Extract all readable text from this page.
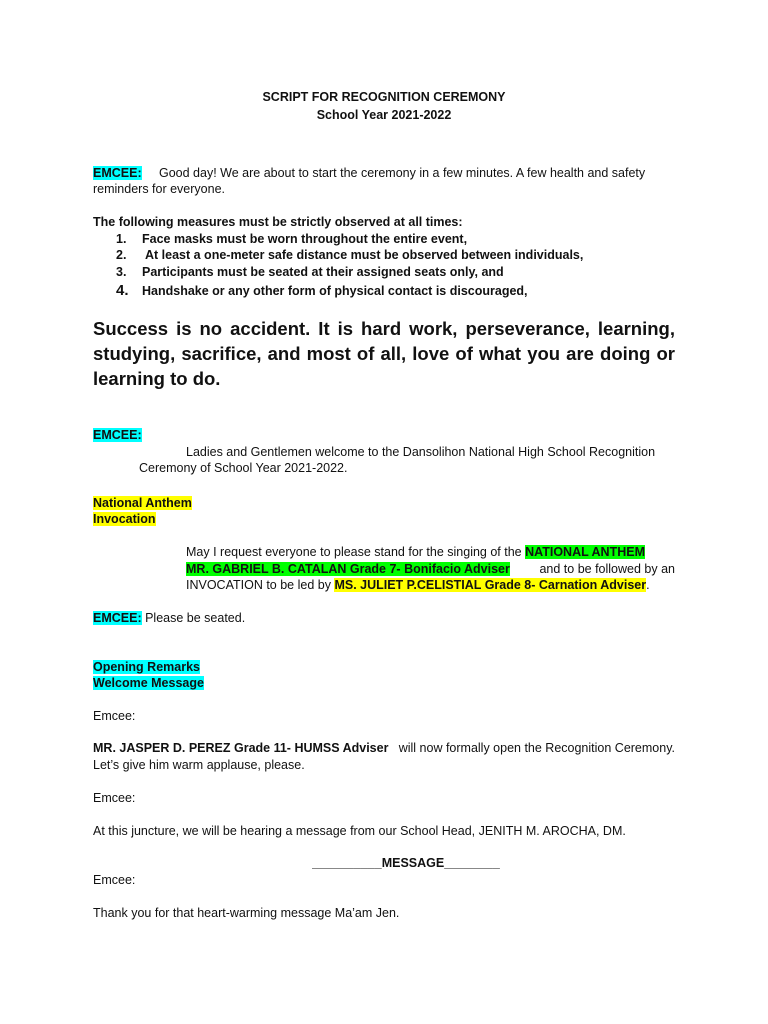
SCRIPT FOR RECOGNITION CEREMONY
School Year 2021-2022
EMCEE: Good day! We are about to start the ceremony in a few minutes. A few health and safety
reminders for everyone.
The following measures must be strictly observed at all times:
1. Face masks must be worn throughout the entire event,
2. At least a one-meter safe distance must be observed between individuals,
3. Participants must be seated at their assigned seats only, and
4. Handshake or any other form of physical contact is discouraged,
Success is no accident. It is hard work, perseverance, learning, studying, sacrifice, and most of all, love of what you are doing or learning to do.
EMCEE:
Ladies and Gentlemen welcome to the Dansolihon National High School Recognition
Ceremony of School Year 2021-2022.
National Anthem
Invocation
May I request everyone to please stand for the singing of the NATIONAL ANTHEM
MR. GABRIEL B. CATALAN Grade 7- Bonifacio Adviser and to be followed by an
INVOCATION to be led by MS. JULIET P.CELISTIAL Grade 8- Carnation Adviser.
EMCEE: Please be seated.
Opening Remarks
Welcome Message
Emcee:
MR. JASPER D. PEREZ Grade 11- HUMSS Adviser will now formally open the Recognition Ceremony.
Let’s give him warm applause, please.
Emcee:
At this juncture, we will be hearing a message from our School Head, JENITH M. AROCHA, DM.
__________MESSAGE________
Emcee:
Thank you for that heart-warming message Ma’am Jen.
